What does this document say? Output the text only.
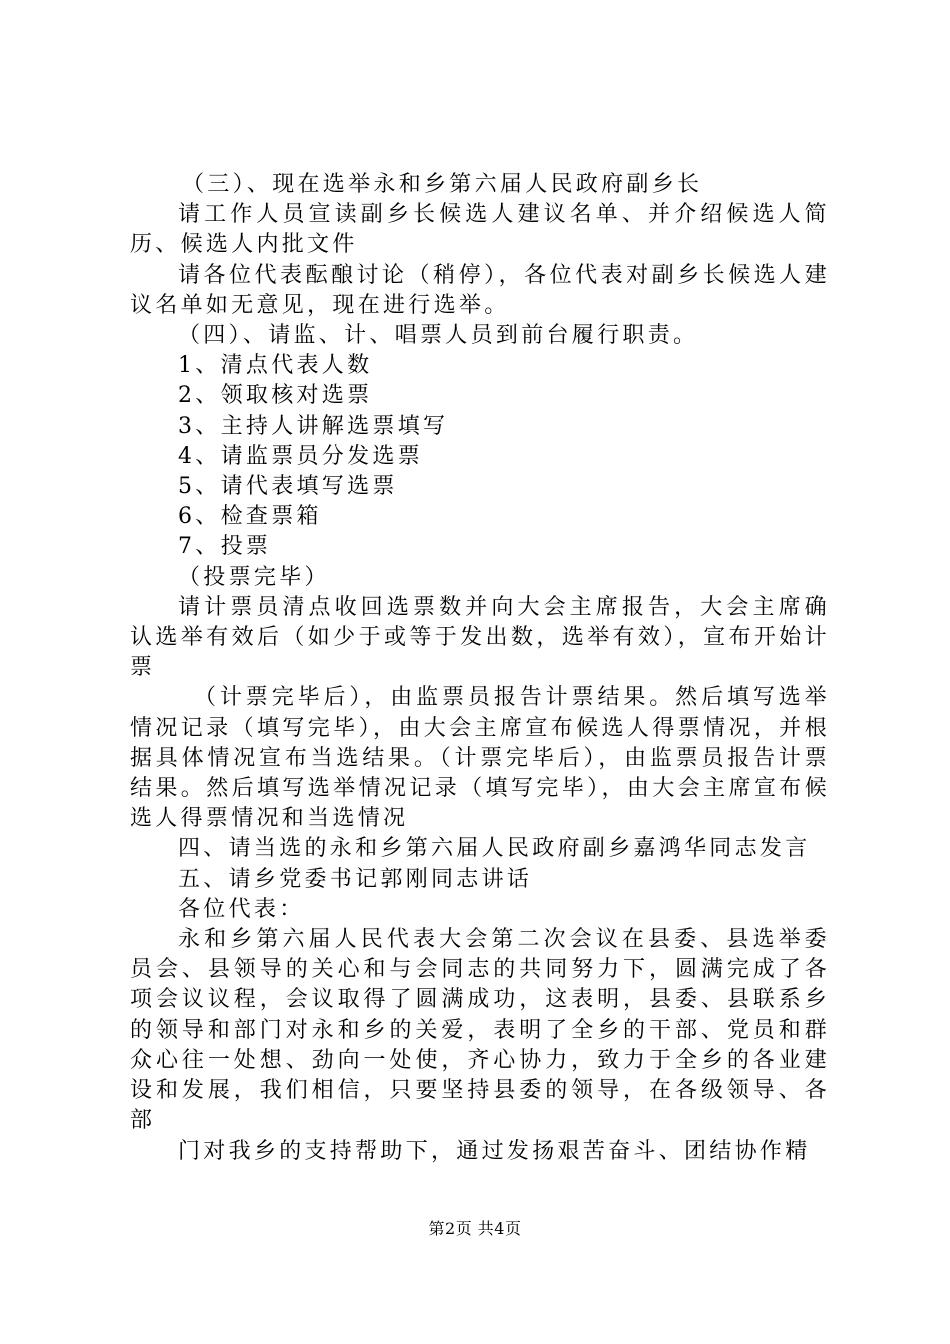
（三）、现在选举永和乡第六届人民政府副乡长

请工作人员宣读副乡长候选人建议名单、并介绍候选人简历、候选人内批文件

请各位代表酝酿讨论（稍停），各位代表对副乡长候选人建议名单如无意见，现在进行选举。

（四）、请监、计、唱票人员到前台履行职责。

1、清点代表人数

2、领取核对选票

3、主持人讲解选票填写

4、请监票员分发选票

5、请代表填写选票

6、检查票箱

7、投票

（投票完毕）

请计票员清点收回选票数并向大会主席报告，大会主席确认选举有效后（如少于或等于发出数，选举有效），宣布开始计票

（计票完毕后），由监票员报告计票结果。然后填写选举情况记录（填写完毕），由大会主席宣布候选人得票情况，并根据具体情况宣布当选结果。（计票完毕后），由监票员报告计票结果。然后填写选举情况记录（填写完毕），由大会主席宣布候选人得票情况和当选情况

四、请当选的永和乡第六届人民政府副乡嘉鸿华同志发言

五、请乡党委书记郭刚同志讲话

各位代表：

永和乡第六届人民代表大会第二次会议在县委、县选举委员会、县领导的关心和与会同志的共同努力下，圆满完成了各项会议议程，会议取得了圆满成功，这表明，县委、县联系乡的领导和部门对永和乡的关爱，表明了全乡的干部、党员和群众心往一处想、劲向一处使，齐心协力，致力于全乡的各业建设和发展，我们相信，只要坚持县委的领导，在各级领导、各部

门对我乡的支持帮助下，通过发扬艰苦奋斗、团结协作精

第2页 共4页
